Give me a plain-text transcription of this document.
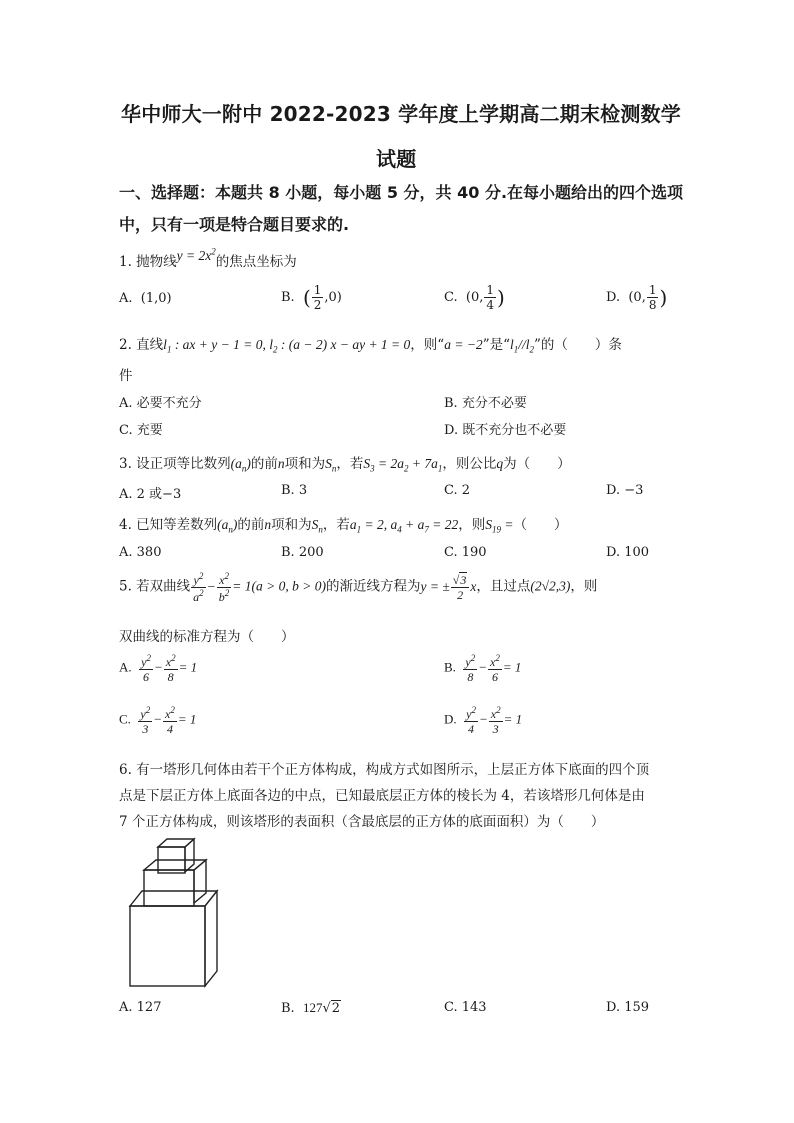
华中师大一附中 2022-2023 学年度上学期高二期末检测数学
试题
一、选择题：本题共 8 小题，每小题 5 分，共 40 分.在每小题给出的四个选项
中，只有一项是特合题目要求的.
1. 抛物线$y = 2x^2$的焦点坐标为
A.  (1,0)	B. ( $\frac{1}{2} ,0$)	C.  (0, $\frac{1}{4}$ )	D.  (0, $\frac{1}{8}$ )
2. 直线$l_1$ : ax + y − 1 = 0, $l_2$ : (a − 2) x − ay + 1 = 0，则“a = −2”是“$l_1//l_2$”的（　　）条
件
A. 必要不充分	B. 充分不必要
C. 充要	D. 既不充分也不必要
3. 设正项等比数列$(a_n)$的前n项和为$S_n$，若$S_3 = 2a_2 + 7a_1$，则公比q为（　　）
A. 2 或−3	B. 3	C. 2	D. −3
4. 已知等差数列$(a_n)$的前n项和为$S_n$，若$a_1 = 2$, $a_4 + a_7 = 22$，则$S_{19}$ =（　　）
A. 380	B. 200	C. 190	D. 100
5. 若双曲线 $\frac{y^2}{a^2} - \frac{x^2}{b^2} = 1(a > 0$, b > 0)的渐近线方程为y = ± $\frac{√3}{2}$ x，且过点(2√2,3)，则
双曲线的标准方程为（　　）
A. $\frac{y^2}{6} - \frac{x^2}{8} = 1$	B. $\frac{y^2}{8} - \frac{x^2}{6} = 1$
C. $\frac{y^2}{3} - \frac{x^2}{4} = 1$	D. $\frac{y^2}{4} - \frac{x^2}{3} = 1$
6. 有一塔形几何体由若干个正方体构成，构成方式如图所示，上层正方体下底面的四个顶
点是下层正方体上底面各边的中点，已知最底层正方体的棱长为 4，若该塔形几何体是由
7 个正方体构成，则该塔形的表面积（含最底层的正方体的底面面积）为（　　）
A. 127	B. 127√2	C. 143	D. 159
